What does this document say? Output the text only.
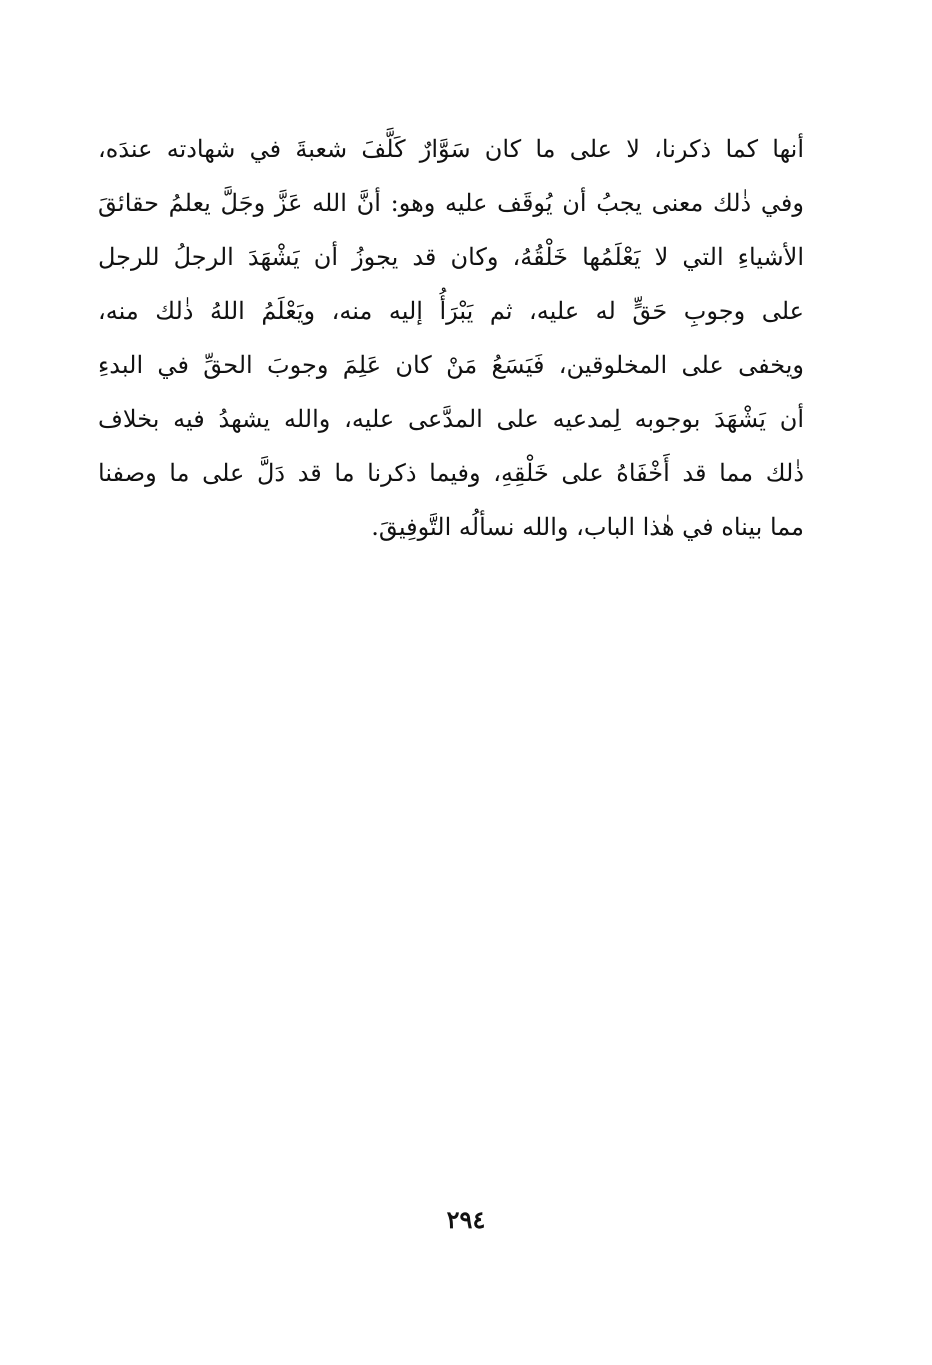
أنها كما ذكرنا، لا على ما كان سَوَّارٌ كَلَّفَ شعبةَ في شهادته عندَه،
وفي ذٰلك معنى يجبُ أن يُوقَف عليه وهو: أنَّ الله عَزَّ وجَلَّ يعلمُ حقائقَ
الأشياءِ التي لا يَعْلَمُها خَلْقُهُ، وكان قد يجوزُ أن يَشْهَدَ الرجلُ للرجل
على وجوبِ حَقٍّ له عليه، ثم يَبْرَأُ إليه منه، ويَعْلَمُ اللهُ ذٰلك منه،
ويخفى على المخلوقين، فَيَسَعُ مَنْ كان عَلِمَ وجوبَ الحقِّ في البدءِ
أن يَشْهَدَ بوجوبه لِمدعيه على المدَّعى عليه، والله يشهدُ فيه بخلاف
ذٰلك مما قد أَخْفَاهُ على خَلْقِهِ، وفيما ذكرنا ما قد دَلَّ على ما وصفنا
مما بيناه في هٰذا الباب، والله نسألُه التَّوفِيقَ.
٢٩٤
